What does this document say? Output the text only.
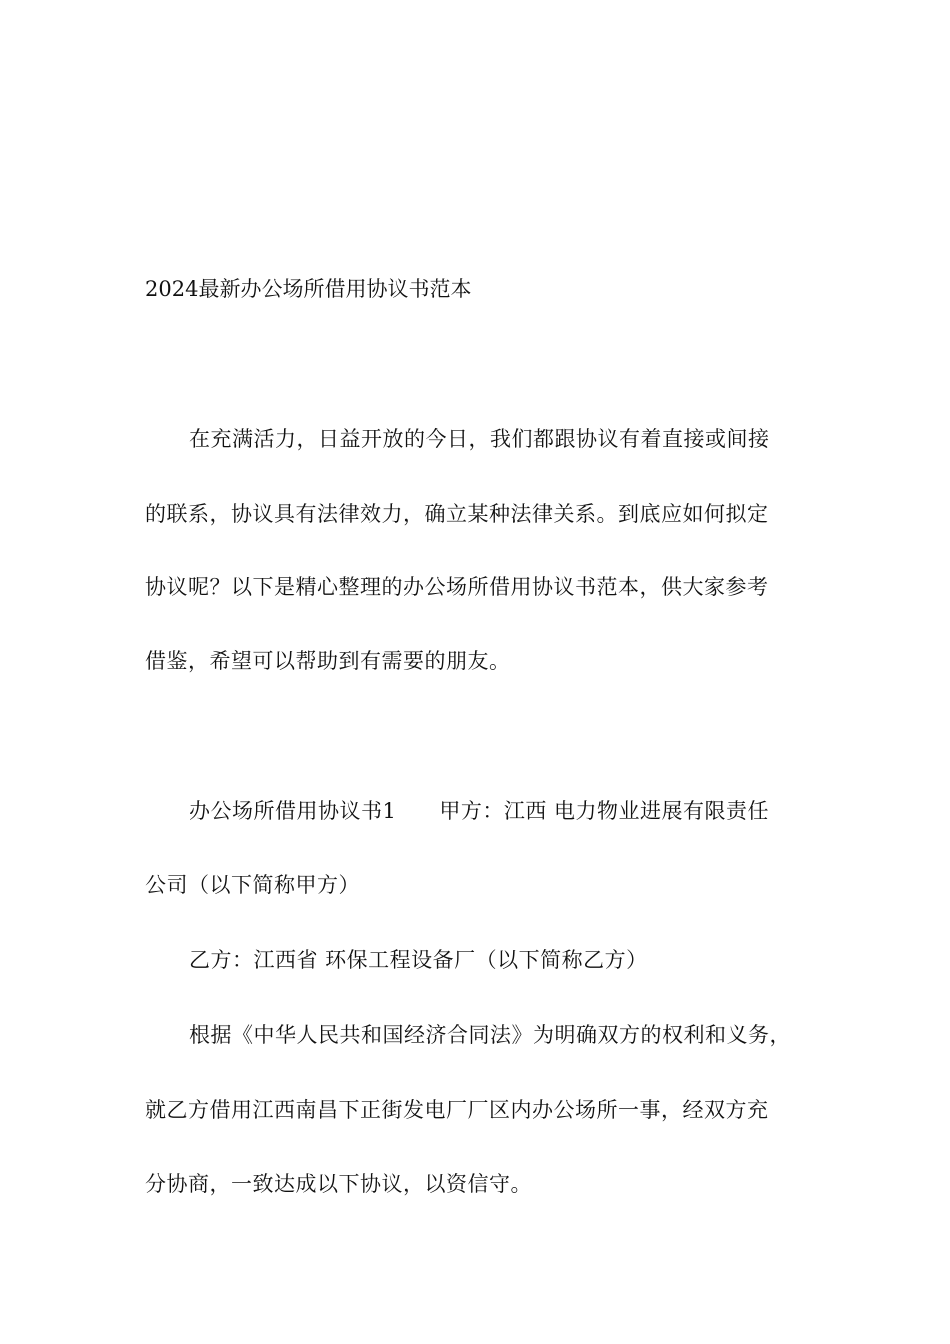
2024最新办公场所借用协议书范本
在充满活力，日益开放的今日，我们都跟协议有着直接或间接
的联系，协议具有法律效力，确立某种法律关系。到底应如何拟定
协议呢？以下是精心整理的办公场所借用协议书范本，供大家参考
借鉴，希望可以帮助到有需要的朋友。
办公场所借用协议书1　　甲方：江西 电力物业进展有限责任
公司（以下简称甲方）
乙方：江西省 环保工程设备厂（以下简称乙方）
根据《中华人民共和国经济合同法》为明确双方的权利和义务，
就乙方借用江西南昌下正街发电厂厂区内办公场所一事，经双方充
分协商，一致达成以下协议，以资信守。
